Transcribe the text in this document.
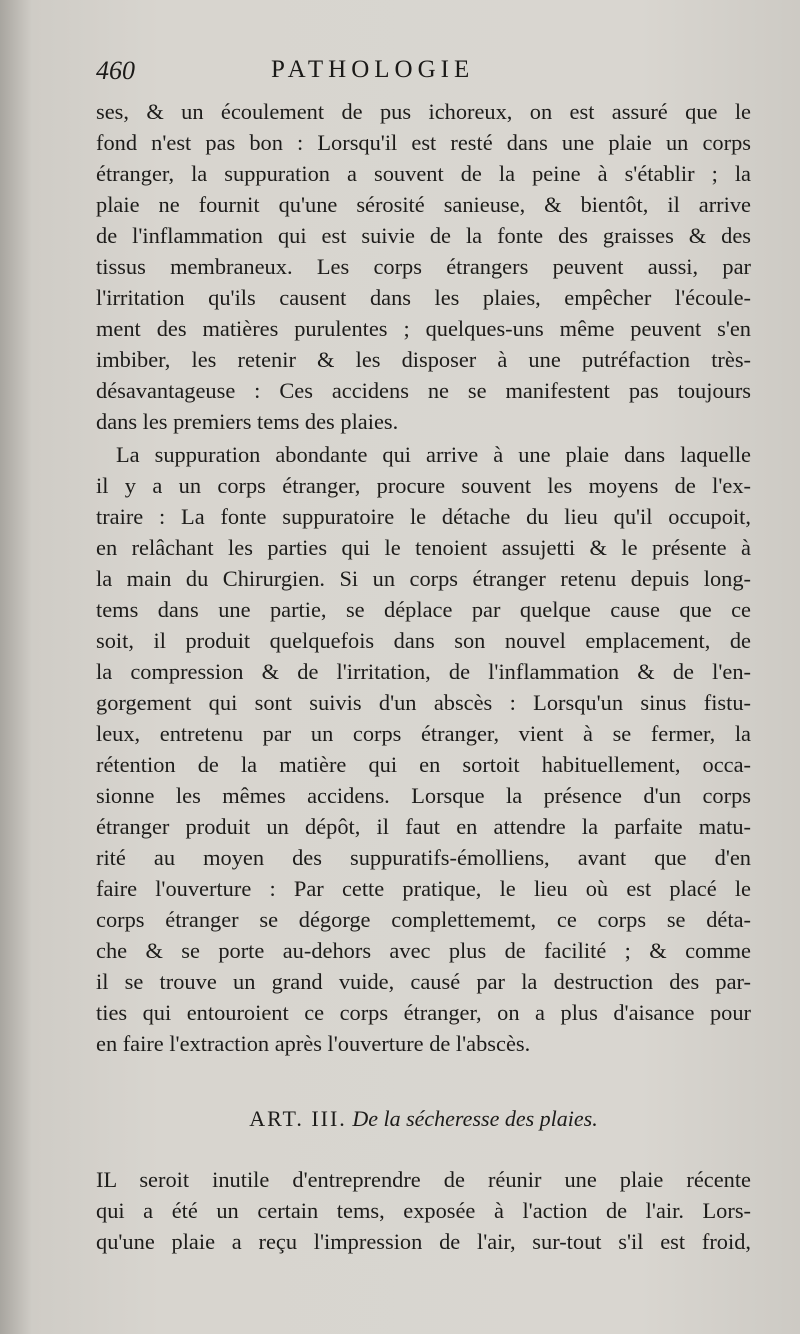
460	PATHOLOGIE
ses, & un écoulement de pus ichoreux, on est assuré que le
fond n'est pas bon : Lorsqu'il est resté dans une plaie un corps
étranger, la suppuration a souvent de la peine à s'établir ; la
plaie ne fournit qu'une sérosité sanieuse, & bientôt, il arrive
de l'inflammation qui est suivie de la fonte des graisses & des
tissus membraneux. Les corps étrangers peuvent aussi, par
l'irritation qu'ils causent dans les plaies, empêcher l'écoule-
ment des matières purulentes ; quelques-uns même peuvent s'en
imbiber, les retenir & les disposer à une putréfaction très-
désavantageuse : Ces accidens ne se manifestent pas toujours
dans les premiers tems des plaies.
La suppuration abondante qui arrive à une plaie dans laquelle
il y a un corps étranger, procure souvent les moyens de l'ex-
traire : La fonte suppuratoire le détache du lieu qu'il occupoit,
en relâchant les parties qui le tenoient assujetti & le présente à
la main du Chirurgien. Si un corps étranger retenu depuis long-
tems dans une partie, se déplace par quelque cause que ce
soit, il produit quelquefois dans son nouvel emplacement, de
la compression & de l'irritation, de l'inflammation & de l'en-
gorgement qui sont suivis d'un abscès : Lorsqu'un sinus fistu-
leux, entretenu par un corps étranger, vient à se fermer, la
rétention de la matière qui en sortoit habituellement, occa-
sionne les mêmes accidens. Lorsque la présence d'un corps
étranger produit un dépôt, il faut en attendre la parfaite matu-
rité au moyen des suppuratifs-émolliens, avant que d'en
faire l'ouverture : Par cette pratique, le lieu où est placé le
corps étranger se dégorge complettememt, ce corps se déta-
che & se porte au-dehors avec plus de facilité ; & comme
il se trouve un grand vuide, causé par la destruction des par-
ties qui entouroient ce corps étranger, on a plus d'aisance pour
en faire l'extraction après l'ouverture de l'abscès.
ART. III. De la sécheresse des plaies.
IL seroit inutile d'entreprendre de réunir une plaie récente
qui a été un certain tems, exposée à l'action de l'air. Lors-
qu'une plaie a reçu l'impression de l'air, sur-tout s'il est froid,
